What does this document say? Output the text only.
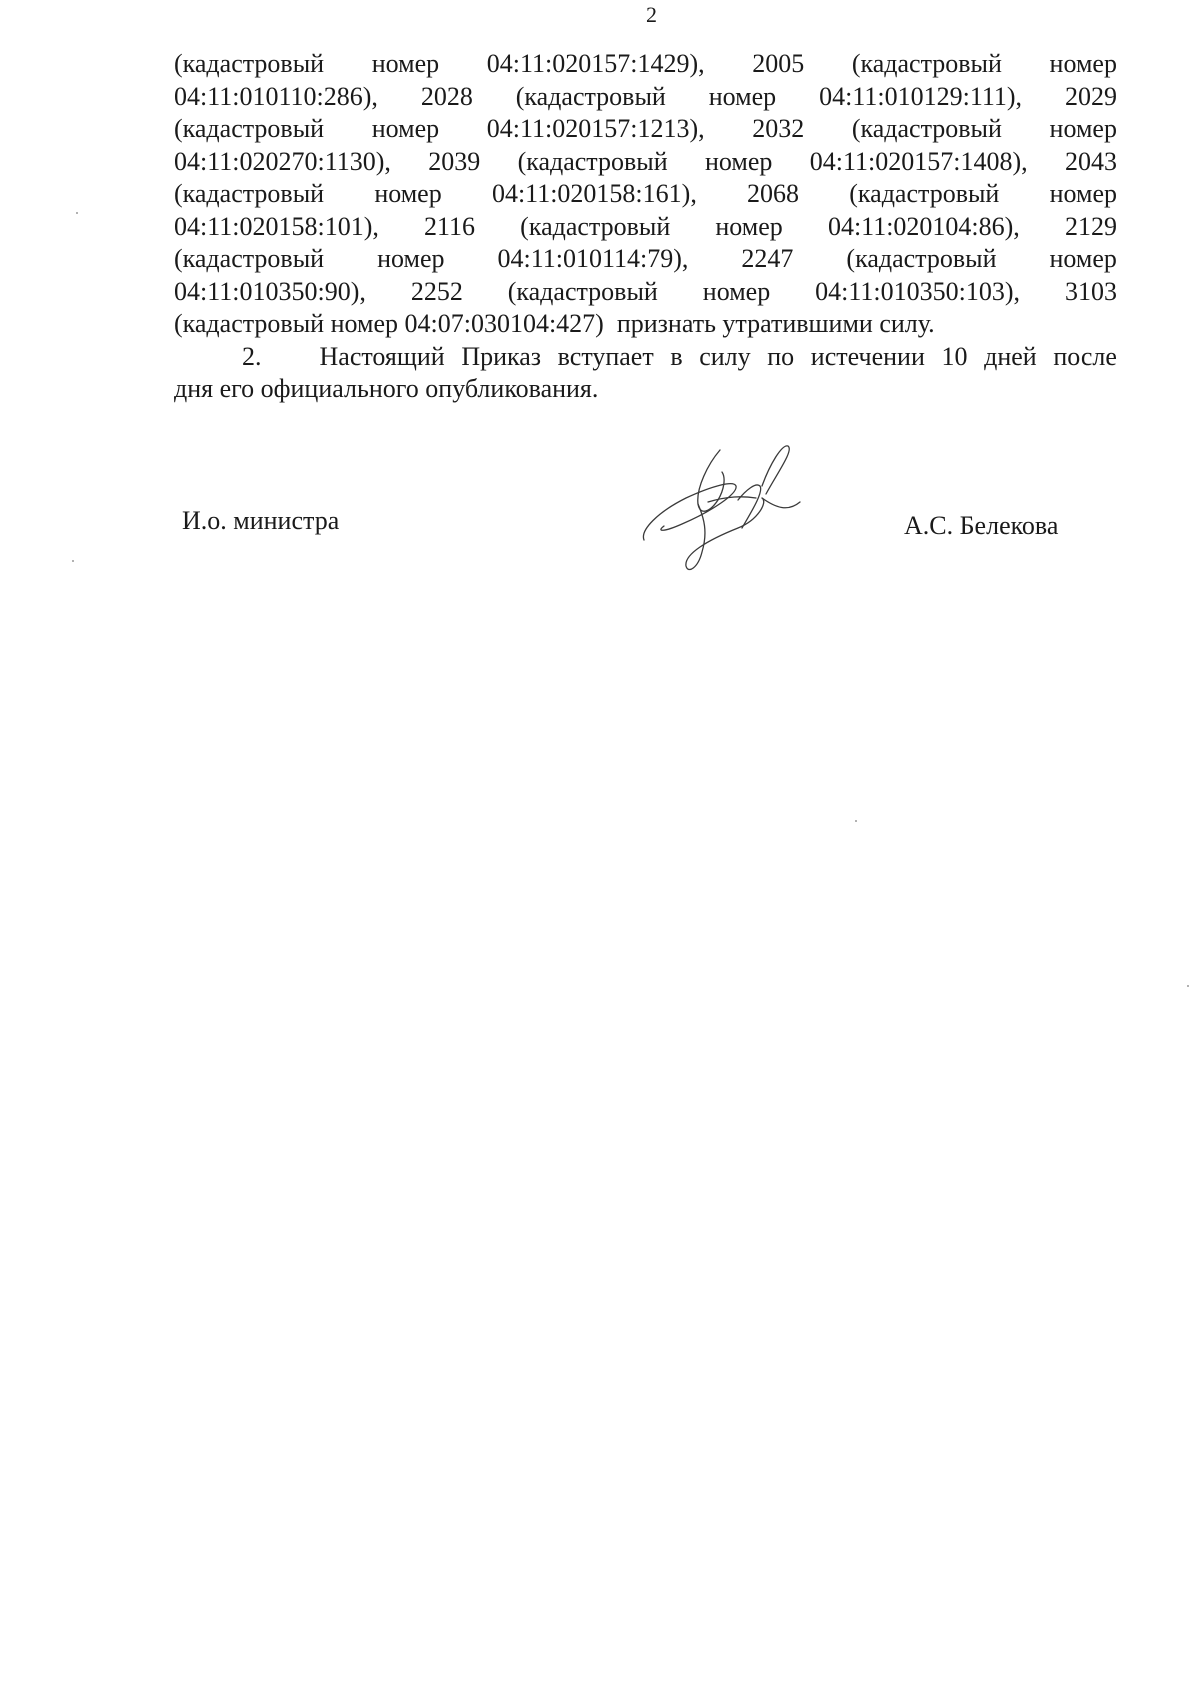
2
(кадастровый номер 04:11:020157:1429), 2005 (кадастровый номер
04:11:010110:286), 2028 (кадастровый номер 04:11:010129:111), 2029
(кадастровый номер 04:11:020157:1213), 2032 (кадастровый номер
04:11:020270:1130), 2039 (кадастровый номер 04:11:020157:1408), 2043
(кадастровый номер 04:11:020158:161), 2068 (кадастровый номер
04:11:020158:101), 2116 (кадастровый номер 04:11:020104:86), 2129
(кадастровый номер 04:11:010114:79), 2247 (кадастровый номер
04:11:010350:90), 2252 (кадастровый номер 04:11:010350:103), 3103
(кадастровый номер 04:07:030104:427)  признать утратившими силу.
2. Настоящий Приказ вступает в силу по истечении 10 дней после
дня его официального опубликования.
И.о. министра	А.С. Белекова
